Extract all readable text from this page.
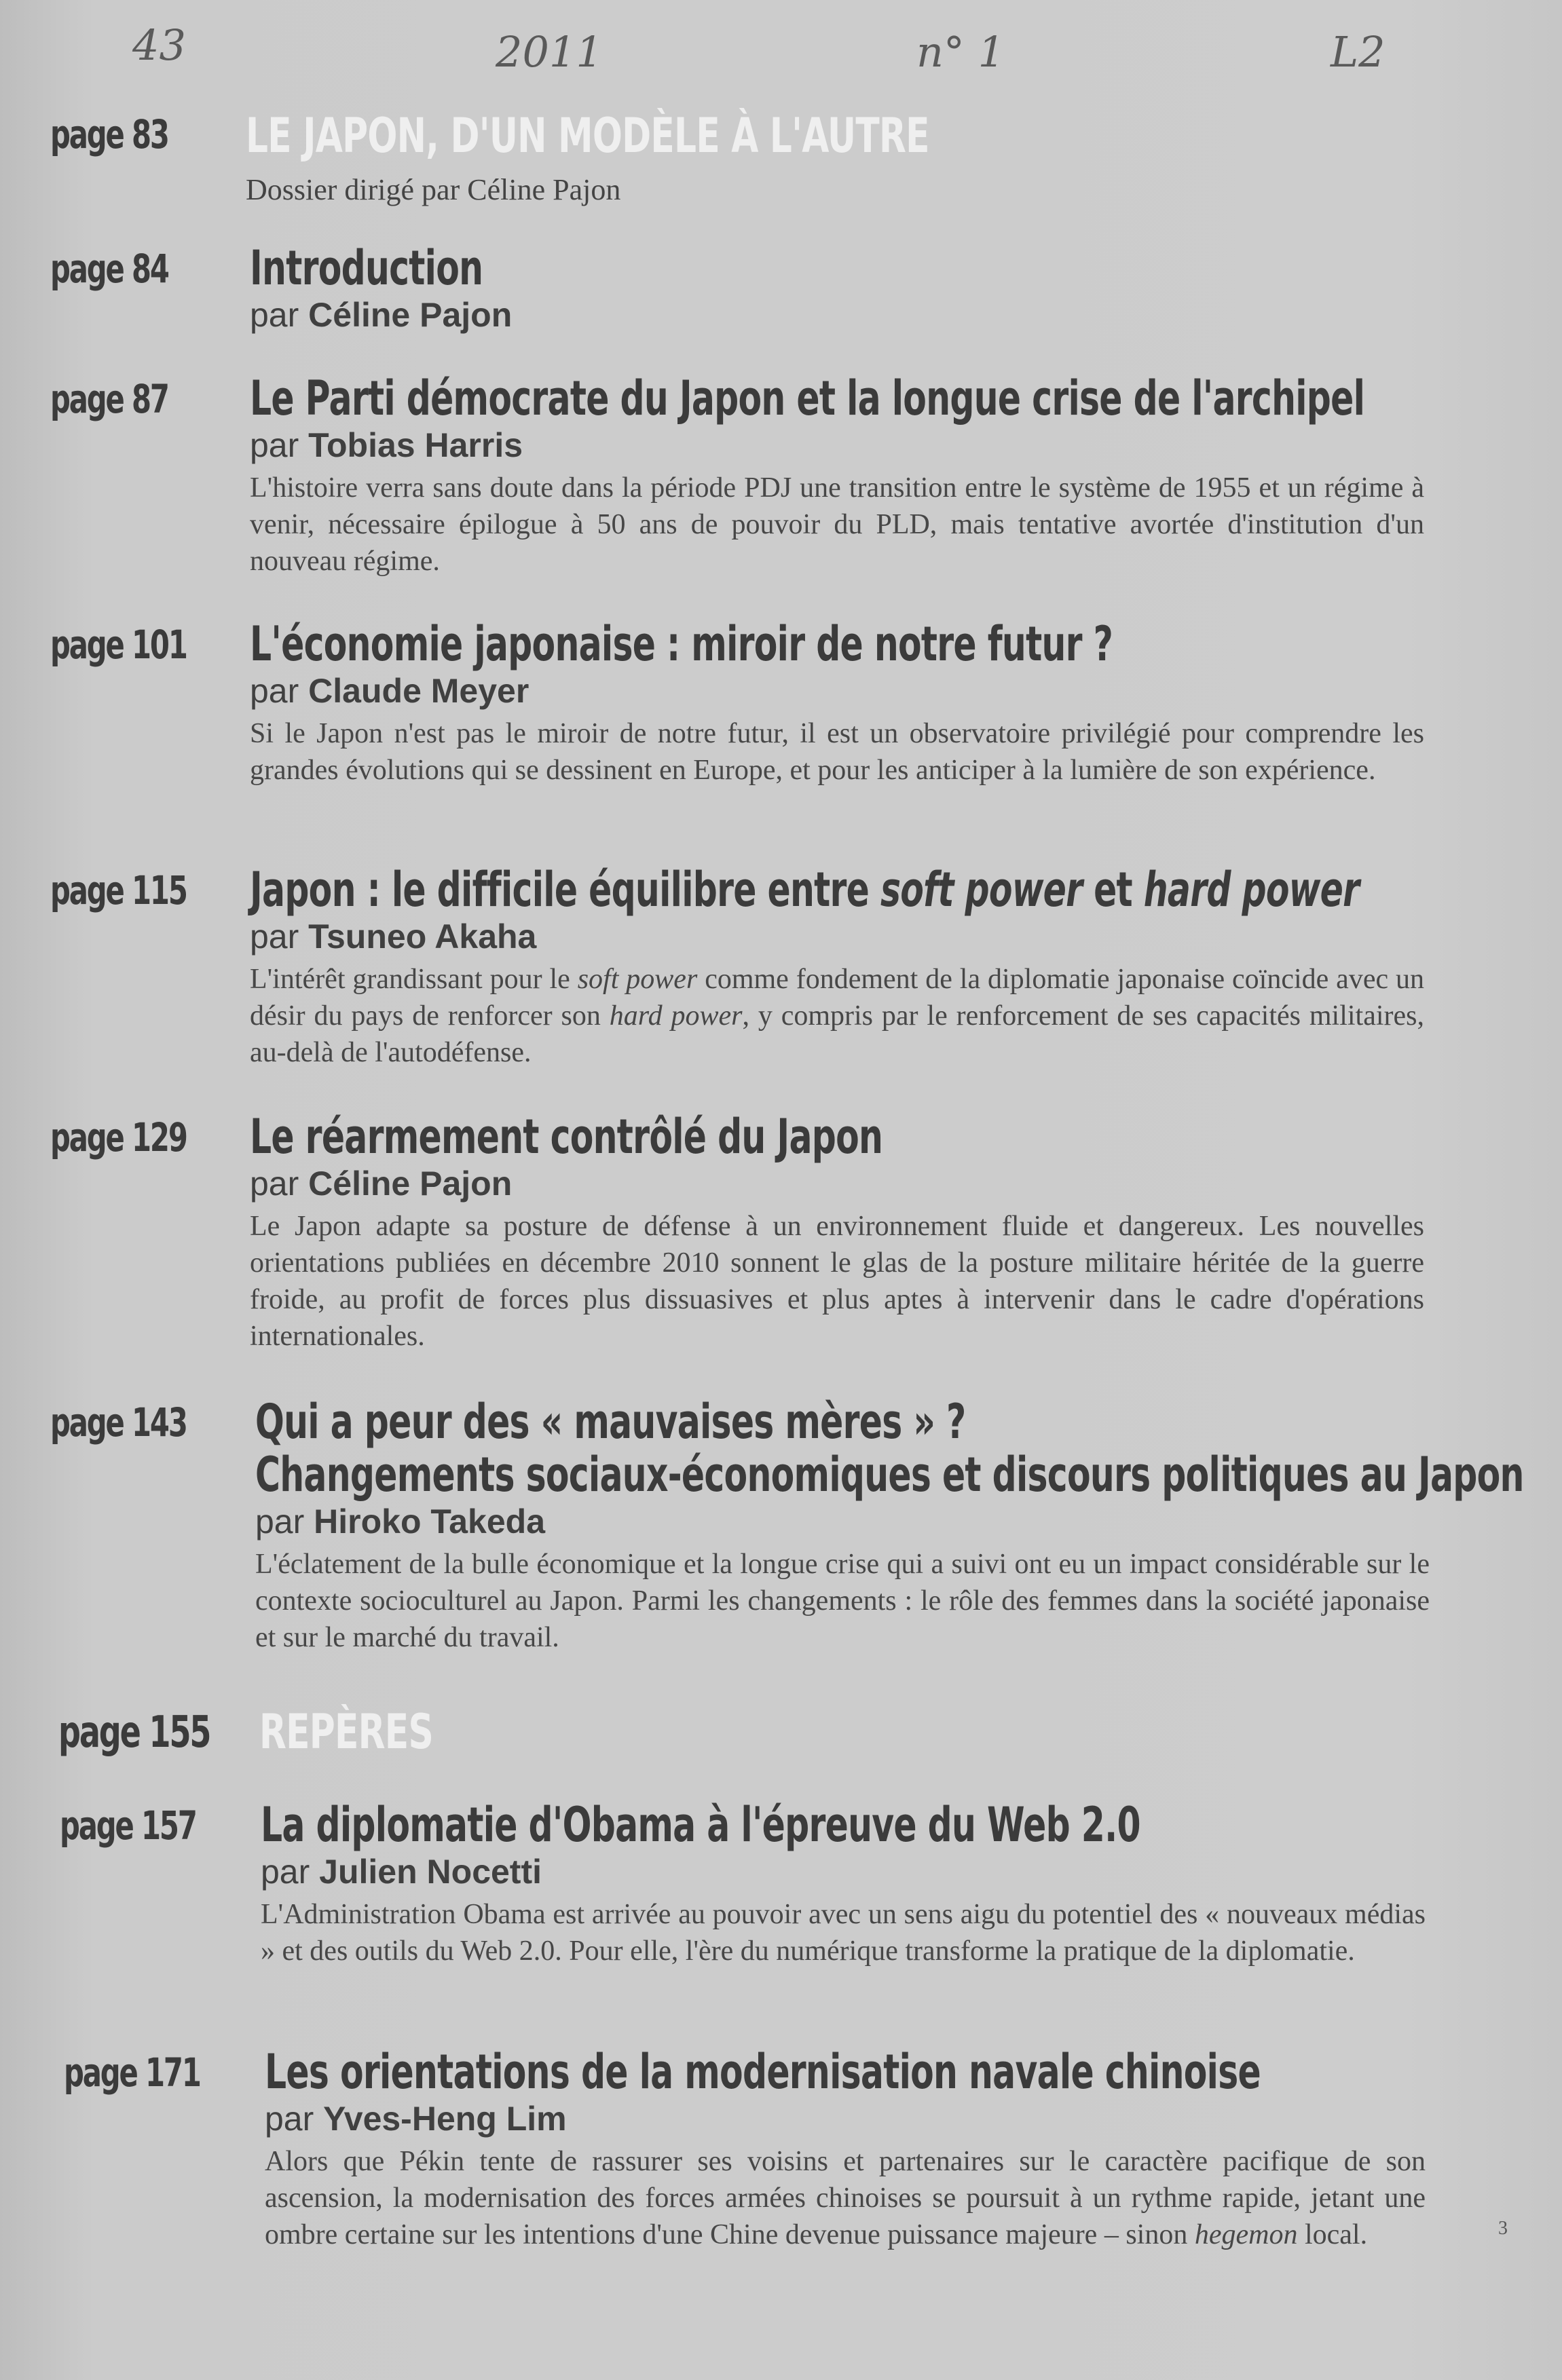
43	2011	n° 1	L2
page 83 LE JAPON, D'UN MODÈLE À L'AUTRE
Dossier dirigé par Céline Pajon
page 84 Introduction
par Céline Pajon
page 87 Le Parti démocrate du Japon et la longue crise de l'archipel
par Tobias Harris
L'histoire verra sans doute dans la période PDJ une transition entre le système de 1955 et un régime à venir, nécessaire épilogue à 50 ans de pouvoir du PLD, mais tentative avortée d'institution d'un nouveau régime.
page 101 L'économie japonaise : miroir de notre futur ?
par Claude Meyer
Si le Japon n'est pas le miroir de notre futur, il est un observatoire privilégié pour comprendre les grandes évolutions qui se dessinent en Europe, et pour les anticiper à la lumière de son expérience.
page 115 Japon : le difficile équilibre entre soft power et hard power
par Tsuneo Akaha
L'intérêt grandissant pour le soft power comme fondement de la diplomatie japonaise coïncide avec un désir du pays de renforcer son hard power, y compris par le renforcement de ses capacités militaires, au-delà de l'autodéfense.
page 129 Le réarmement contrôlé du Japon
par Céline Pajon
Le Japon adapte sa posture de défense à un environnement fluide et dangereux. Les nouvelles orientations publiées en décembre 2010 sonnent le glas de la posture militaire héritée de la guerre froide, au profit de forces plus dissuasives et plus aptes à intervenir dans le cadre d'opérations internationales.
page 143 Qui a peur des « mauvaises mères » ?
Changements sociaux-économiques et discours politiques au Japon
par Hiroko Takeda
L'éclatement de la bulle économique et la longue crise qui a suivi ont eu un impact considérable sur le contexte socioculturel au Japon. Parmi les changements : le rôle des femmes dans la société japonaise et sur le marché du travail.
page 155 REPÈRES
page 157 La diplomatie d'Obama à l'épreuve du Web 2.0
par Julien Nocetti
L'Administration Obama est arrivée au pouvoir avec un sens aigu du potentiel des « nouveaux médias » et des outils du Web 2.0. Pour elle, l'ère du numérique transforme la pratique de la diplomatie.
page 171 Les orientations de la modernisation navale chinoise
par Yves-Heng Lim
Alors que Pékin tente de rassurer ses voisins et partenaires sur le caractère pacifique de son ascension, la modernisation des forces armées chinoises se poursuit à un rythme rapide, jetant une ombre certaine sur les intentions d'une Chine devenue puissance majeure – sinon hegemon local.	3
